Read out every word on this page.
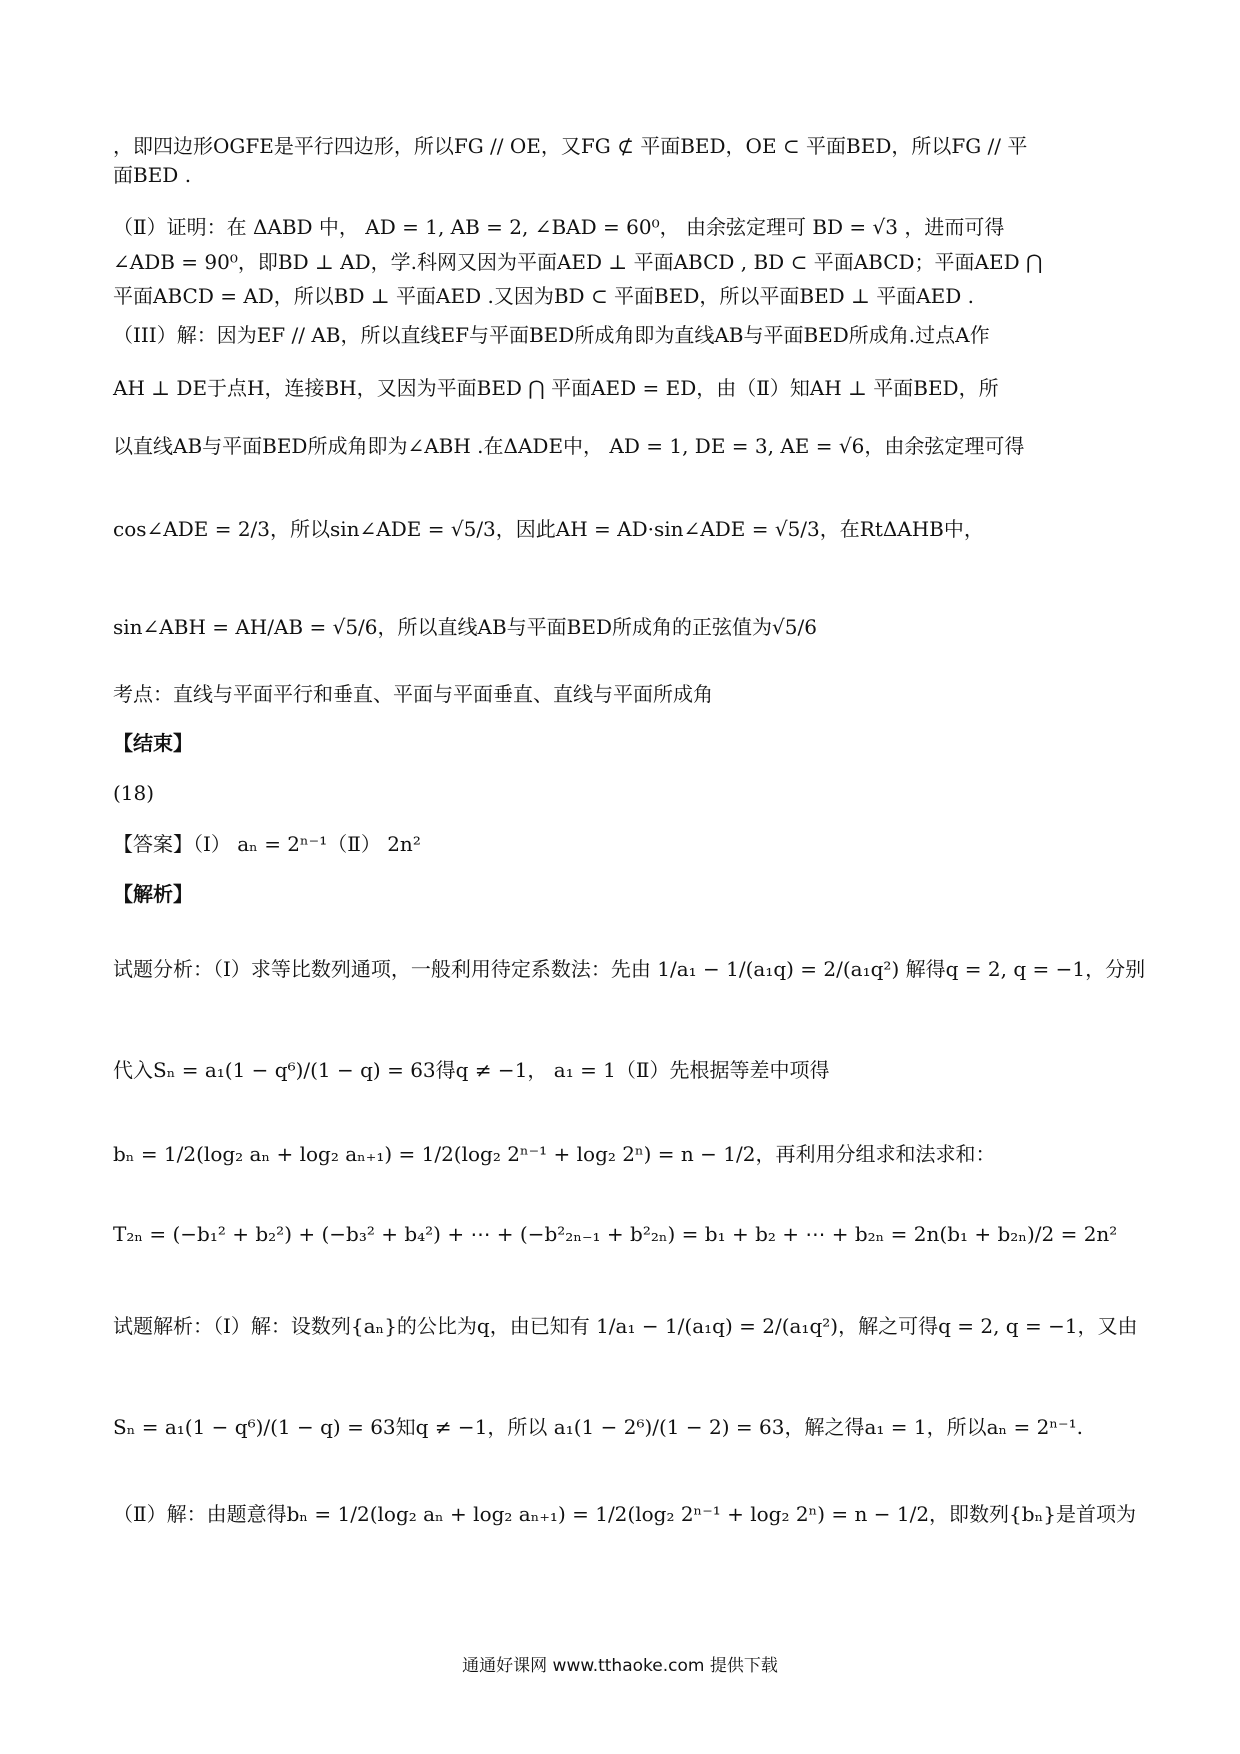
，即四边形OGFE是平行四边形，所以FG // OE，又FG ⊄ 平面BED，OE ⊂ 平面BED，所以FG // 平
面BED .
（Ⅱ）证明：在 ΔABD 中， AD = 1, AB = 2, ∠BAD = 60⁰， 由余弦定理可 BD = √3 ，进而可得
∠ADB = 90⁰，即BD ⊥ AD，学.科网又因为平面AED ⊥ 平面ABCD , BD ⊂ 平面ABCD；平面AED ⋂
平面ABCD = AD，所以BD ⊥ 平面AED .又因为BD ⊂ 平面BED，所以平面BED ⊥ 平面AED .
（III）解：因为EF // AB，所以直线EF与平面BED所成角即为直线AB与平面BED所成角.过点A作
AH ⊥ DE于点H，连接BH，又因为平面BED ⋂ 平面AED = ED，由（Ⅱ）知AH ⊥ 平面BED，所
以直线AB与平面BED所成角即为∠ABH .在ΔADE中， AD = 1, DE = 3, AE = √6，由余弦定理可得
cos∠ADE = 2/3，所以sin∠ADE = √5/3，因此AH = AD·sin∠ADE = √5/3，在RtΔAHB中，
sin∠ABH = AH/AB = √5/6，所以直线AB与平面BED所成角的正弦值为√5/6
考点：直线与平面平行和垂直、平面与平面垂直、直线与平面所成角
【结束】
(18)
【答案】（Ⅰ） aₙ = 2ⁿ⁻¹（Ⅱ） 2n²
【解析】
试题分析：（Ⅰ）求等比数列通项，一般利用待定系数法：先由 1/a₁ − 1/(a₁q) = 2/(a₁q²) 解得q = 2, q = −1，分别
代入Sₙ = a₁(1 − q⁶)/(1 − q) = 63得q ≠ −1， a₁ = 1（Ⅱ）先根据等差中项得
bₙ = 1/2(log₂ aₙ + log₂ aₙ₊₁) = 1/2(log₂ 2ⁿ⁻¹ + log₂ 2ⁿ) = n − 1/2，再利用分组求和法求和：
T₂ₙ = (−b₁² + b₂²) + (−b₃² + b₄²) + ⋯ + (−b²₂ₙ₋₁ + b²₂ₙ) = b₁ + b₂ + ⋯ + b₂ₙ = 2n(b₁ + b₂ₙ)/2 = 2n²
试题解析：（Ⅰ）解：设数列{aₙ}的公比为q，由已知有 1/a₁ − 1/(a₁q) = 2/(a₁q²)，解之可得q = 2, q = −1，又由
Sₙ = a₁(1 − q⁶)/(1 − q) = 63知q ≠ −1，所以 a₁(1 − 2⁶)/(1 − 2) = 63，解之得a₁ = 1，所以aₙ = 2ⁿ⁻¹.
（Ⅱ）解：由题意得bₙ = 1/2(log₂ aₙ + log₂ aₙ₊₁) = 1/2(log₂ 2ⁿ⁻¹ + log₂ 2ⁿ) = n − 1/2，即数列{bₙ}是首项为
通通好课网 www.tthaoke.com 提供下载
